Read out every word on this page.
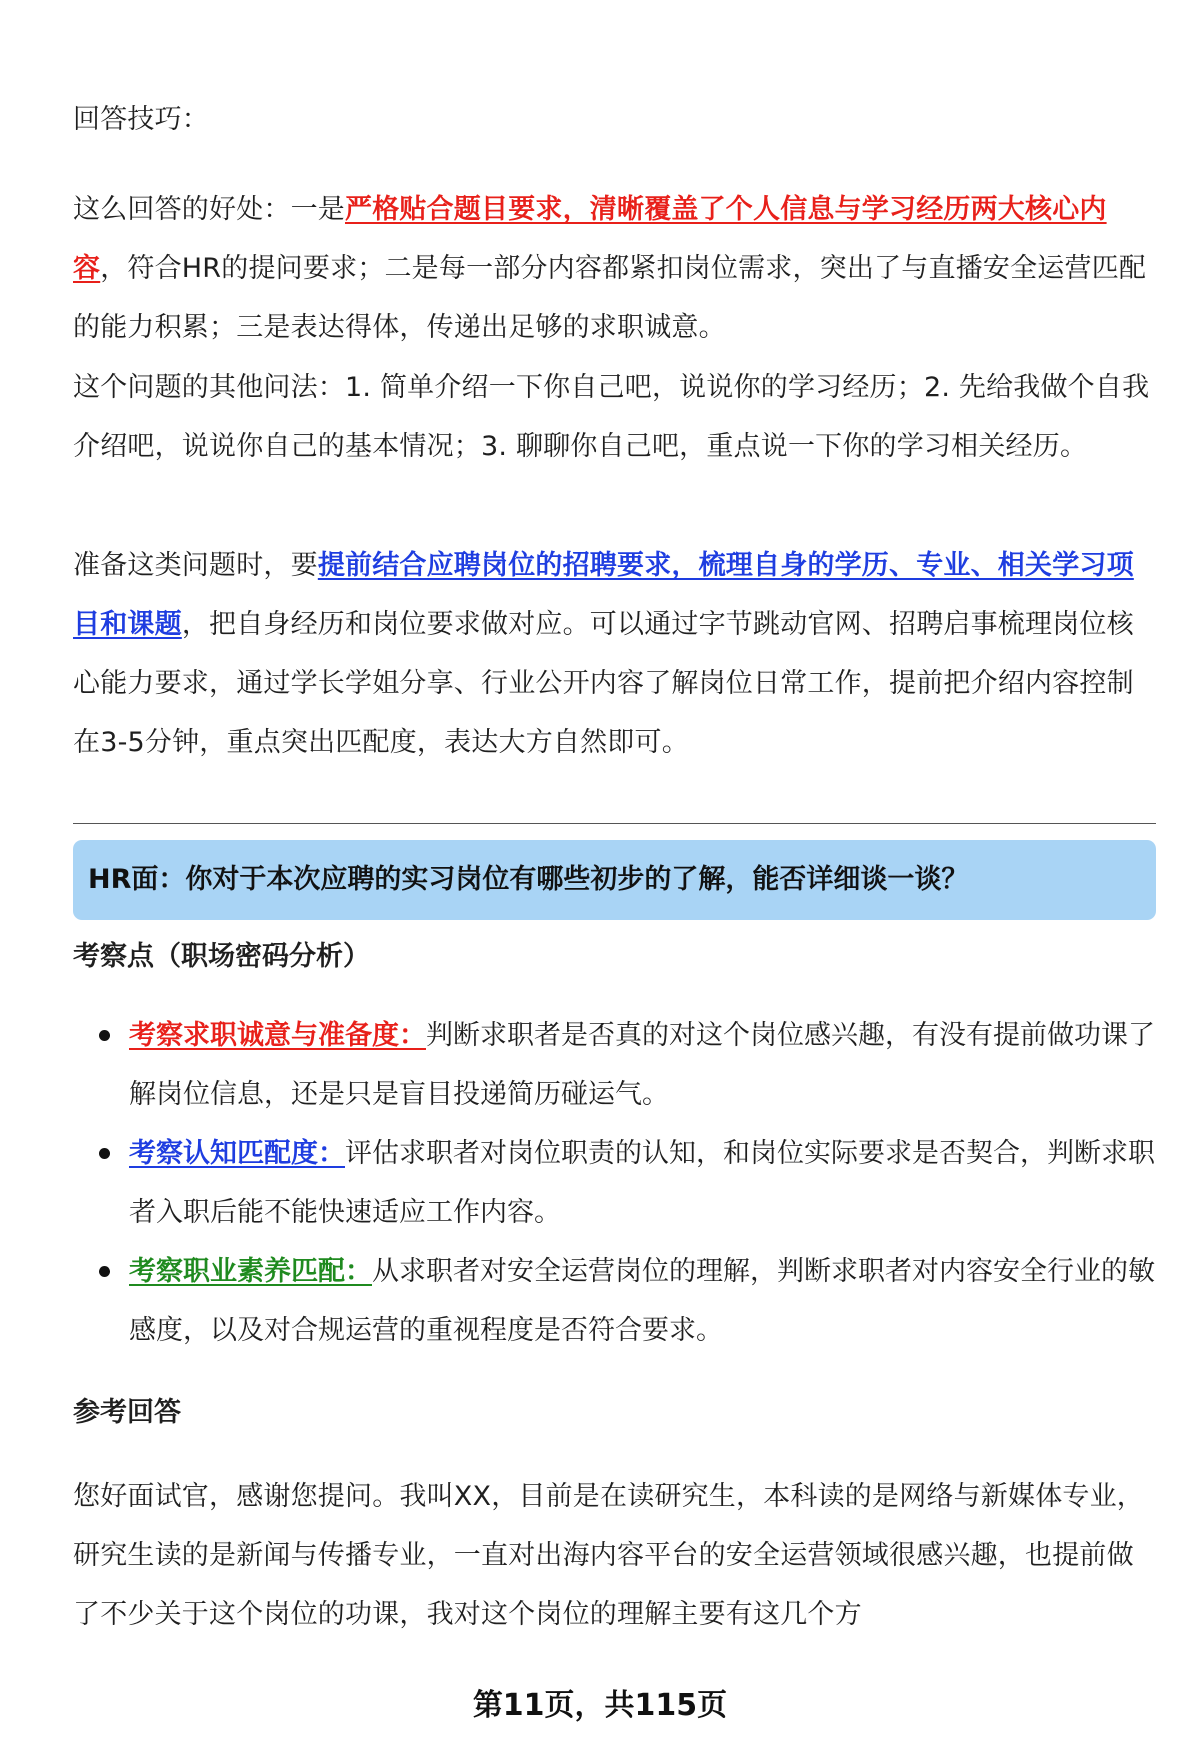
回答技巧：

这么回答的好处：一是严格贴合题目要求，清晰覆盖了个人信息与学习经历两大核心内容，符合HR的提问要求；二是每一部分内容都紧扣岗位需求，突出了与直播安全运营匹配的能力积累；三是表达得体，传递出足够的求职诚意。

这个问题的其他问法：1. 简单介绍一下你自己吧，说说你的学习经历；2. 先给我做个自我介绍吧，说说你自己的基本情况；3. 聊聊你自己吧，重点说一下你的学习相关经历。

准备这类问题时，要提前结合应聘岗位的招聘要求，梳理自身的学历、专业、相关学习项目和课题，把自身经历和岗位要求做对应。可以通过字节跳动官网、招聘启事梳理岗位核心能力要求，通过学长学姐分享、行业公开内容了解岗位日常工作，提前把介绍内容控制在3-5分钟，重点突出匹配度，表达大方自然即可。

HR面：你对于本次应聘的实习岗位有哪些初步的了解，能否详细谈一谈？

考察点（职场密码分析）

考察求职诚意与准备度：判断求职者是否真的对这个岗位感兴趣，有没有提前做功课了解岗位信息，还是只是盲目投递简历碰运气。
考察认知匹配度：评估求职者对岗位职责的认知，和岗位实际要求是否契合，判断求职者入职后能不能快速适应工作内容。
考察职业素养匹配：从求职者对安全运营岗位的理解，判断求职者对内容安全行业的敏感度，以及对合规运营的重视程度是否符合要求。

参考回答

您好面试官，感谢您提问。我叫XX，目前是在读研究生，本科读的是网络与新媒体专业，研究生读的是新闻与传播专业，一直对出海内容平台的安全运营领域很感兴趣，也提前做了不少关于这个岗位的功课，我对这个岗位的理解主要有这几个方

第11页，共115页
